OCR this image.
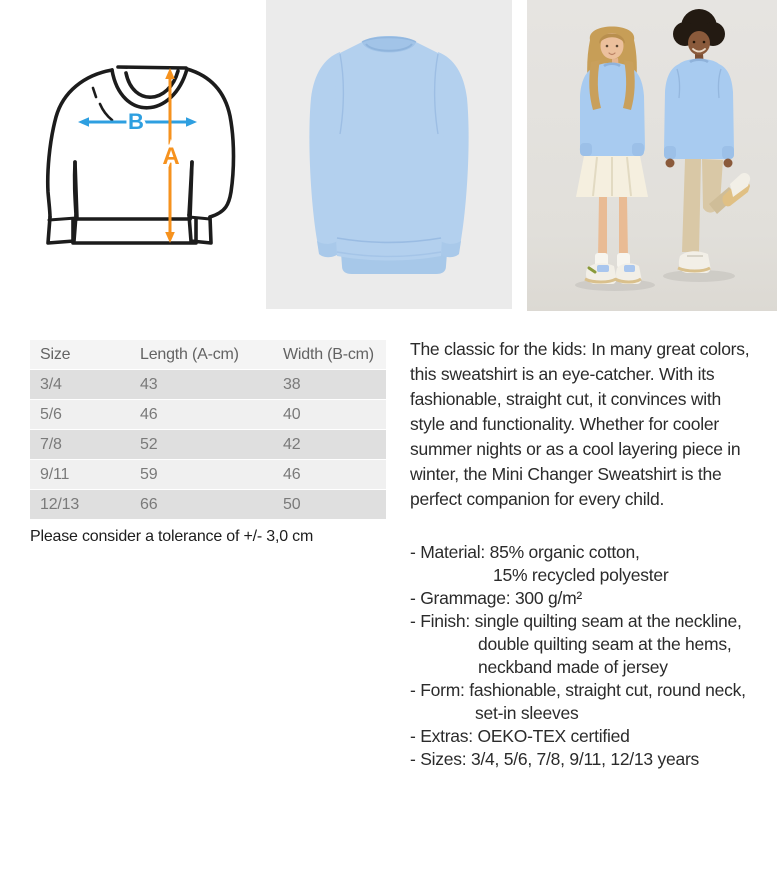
B
A
Size	Length (A-cm)	Width (B-cm)
3/4	43	38
5/6	46	40
7/8	52	42
9/11	59	46
12/13	66	50
Please consider a tolerance of +/- 3,0 cm
The classic for the kids: In many great colors,
this sweatshirt is an eye-catcher. With its
fashionable, straight cut, it convinces with
style and functionality. Whether for cooler
summer nights or as a cool layering piece in
winter, the Mini Changer Sweatshirt is the
perfect companion for every child.
- Material: 85% organic cotton,
15% recycled polyester
- Grammage: 300 g/m²
- Finish: single quilting seam at the neckline,
double quilting seam at the hems,
neckband made of jersey
- Form: fashionable, straight cut, round neck,
set-in sleeves
- Extras: OEKO-TEX certified
- Sizes: 3/4, 5/6, 7/8, 9/11, 12/13 years
